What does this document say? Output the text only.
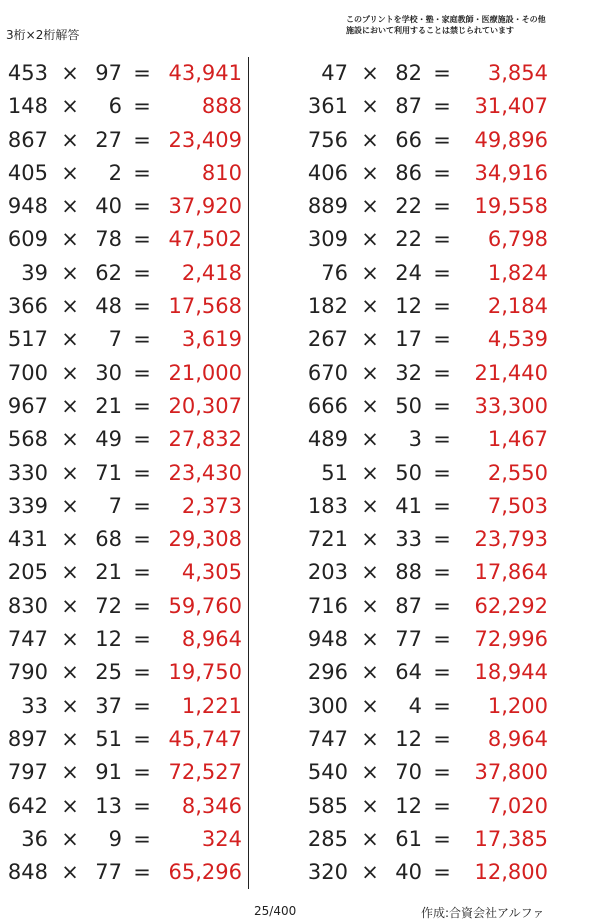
3桁×2桁解答
このプリントを学校・塾・家庭教師・医療施設・その他
施設において利用することは禁じられています
453 × 97 = 43,941
148 ×	6 =	888
867 × 27 = 23,409
405 ×	2 =	810
948 × 40 = 37,920
609 × 78 = 47,502
39 × 62 =	2,418
366 × 48 = 17,568
517 ×	7 =	3,619
700 × 30 = 21,000
967 × 21 = 20,307
568 × 49 = 27,832
330 × 71 = 23,430
339 ×	7 =	2,373
431 × 68 = 29,308
205 × 21 =	4,305
830 × 72 = 59,760
747 × 12 =	8,964
790 × 25 = 19,750
33 × 37 =	1,221
897 × 51 = 45,747
797 × 91 = 72,527
642 × 13 =	8,346
36 ×	9 =	324
848 × 77 = 65,296
47 × 82 =	3,854
361 × 87 =	31,407
756 × 66 =	49,896
406 × 86 =	34,916
889 × 22 =	19,558
309 × 22 =	6,798
76 × 24 =	1,824
182 × 12 =	2,184
267 × 17 =	4,539
670 × 32 =	21,440
666 × 50 =	33,300
489 ×	3 =	1,467
51 × 50 =	2,550
183 × 41 =	7,503
721 × 33 =	23,793
203 × 88 =	17,864
716 × 87 =	62,292
948 × 77 =	72,996
296 × 64 =	18,944
300 ×	4 =	1,200
747 × 12 =	8,964
540 × 70 =	37,800
585 × 12 =	7,020
285 × 61 =	17,385
320 × 40 =	12,800
25/400	作成:合資会社アルファ
